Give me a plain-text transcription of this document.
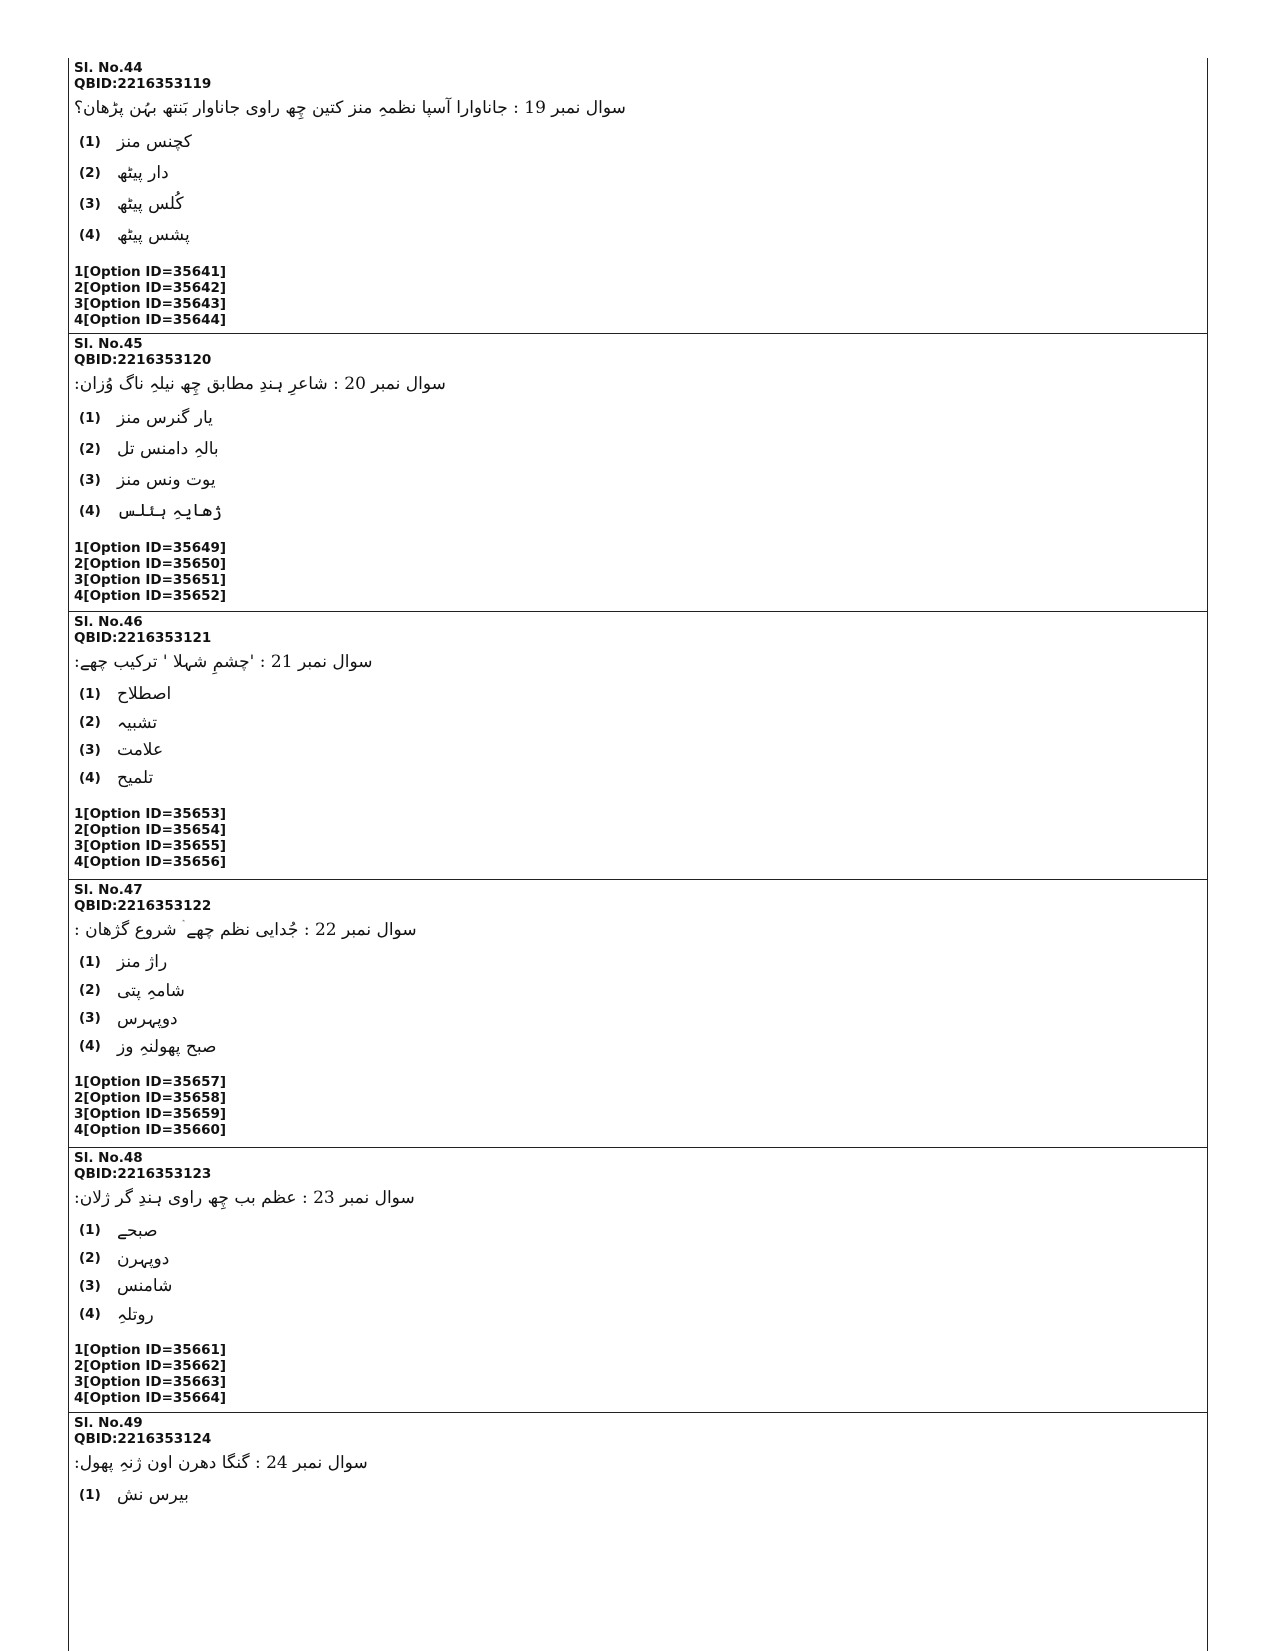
Sl. No.44
QBID:2216353119
سوال نمبر 19 : جاناوارا آسپا نظمہِ منز کتین چِھ راوی جاناوار بَنتھ بہُن پڑھان؟
(1) کچنس منز
(2) دار پیٹھ
(3) کُلس پیٹھ
(4) پشس پیٹھ
1[Option ID=35641]
2[Option ID=35642]
3[Option ID=35643]
4[Option ID=35644]
Sl. No.45
QBID:2216353120
سوال نمبر 20 : شاعرِ ہندِ مطابق چِھ نیلہِ ناگ وُزان:
(1) یار گنرس منز
(2) بالہِ دامنس تل
(3) یوت ونس منز
(4) ژھایہِ ہئلس
1[Option ID=35649]
2[Option ID=35650]
3[Option ID=35651]
4[Option ID=35652]
Sl. No.46
QBID:2216353121
سوال نمبر 21 : 'چشمِ شہلا ' ترکیب چھے:
(1) اصطلاح
(2) تشبیہ
(3) علامت
(4) تلمیح
1[Option ID=35653]
2[Option ID=35654]
3[Option ID=35655]
4[Option ID=35656]
Sl. No.47
QBID:2216353122
سوال نمبر 22 : جُدایی نظم چھے ۛ شروع گژھان :
(1) راژ منز
(2) شامہِ پتی
(3) دوپہرس
(4) صبح پھولنہِ وز
1[Option ID=35657]
2[Option ID=35658]
3[Option ID=35659]
4[Option ID=35660]
Sl. No.48
QBID:2216353123
سوال نمبر 23 : عظم بب چِھ راوی ہندِ گر ژلان:
(1) صبحے
(2) دوپہرن
(3) شامنس
(4) روتلہِ
1[Option ID=35661]
2[Option ID=35662]
3[Option ID=35663]
4[Option ID=35664]
Sl. No.49
QBID:2216353124
سوال نمبر 24 : گنگا دھرن اون ژنہِ پھول:
(1) بیرس نش
